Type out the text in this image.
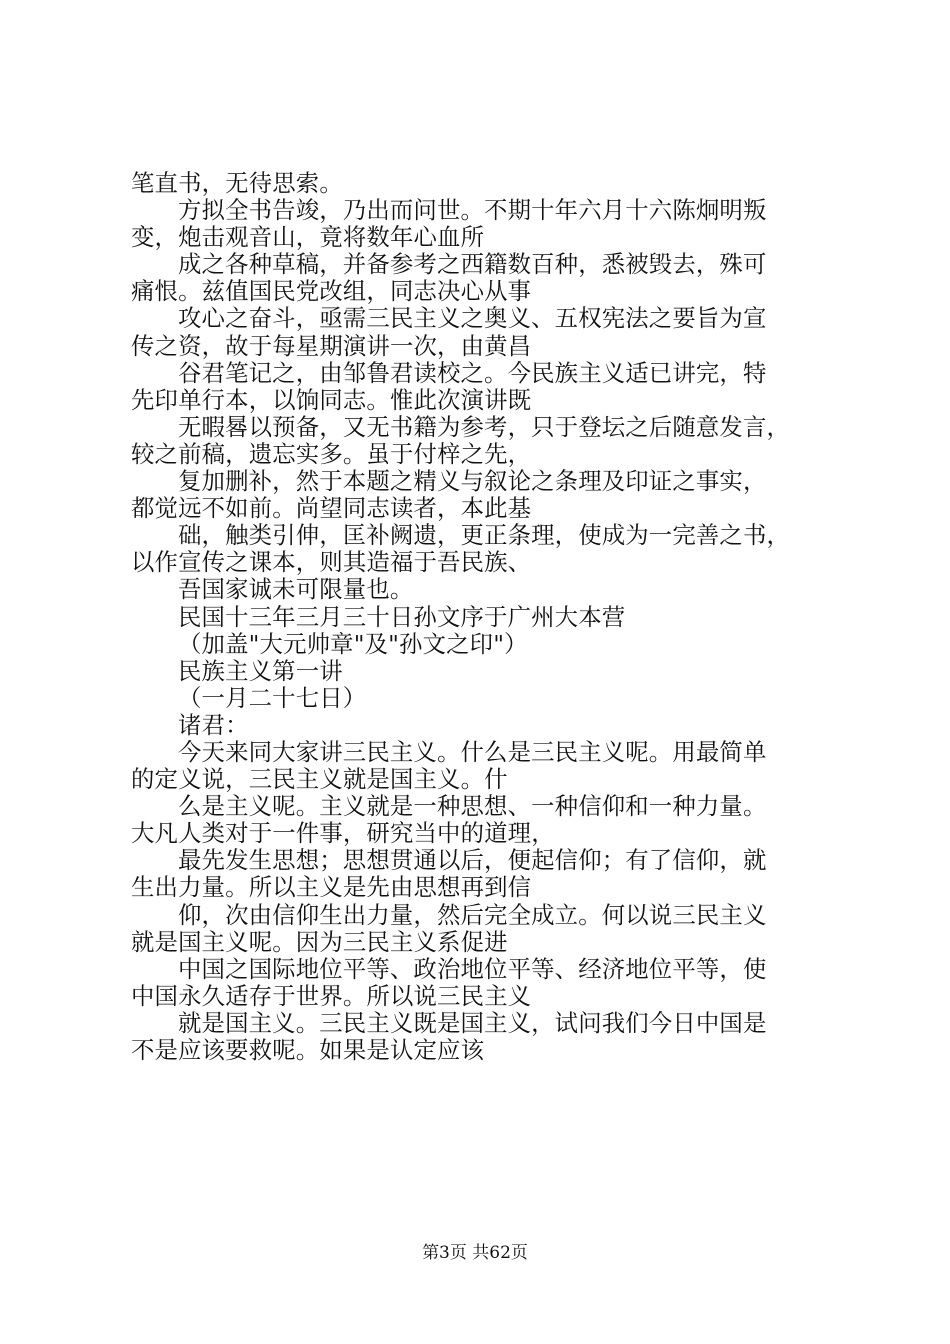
笔直书，无待思索。
方拟全书告竣，乃出而问世。不期十年六月十六陈炯明叛
变，炮击观音山，竟将数年心血所
成之各种草稿，并备参考之西籍数百种，悉被毁去，殊可
痛恨。兹值国民党改组，同志决心从事
攻心之奋斗，亟需三民主义之奥义、五权宪法之要旨为宣
传之资，故于每星期演讲一次，由黄昌
谷君笔记之，由邹鲁君读校之。今民族主义适已讲完，特
先印单行本，以饷同志。惟此次演讲既
无暇晷以预备，又无书籍为参考，只于登坛之后随意发言，
较之前稿，遗忘实多。虽于付梓之先，
复加删补，然于本题之精义与叙论之条理及印证之事实，
都觉远不如前。尚望同志读者，本此基
础，触类引伸，匡补阙遗，更正条理，使成为一完善之书，
以作宣传之课本，则其造福于吾民族、
吾国家诚未可限量也。
民国十三年三月三十日孙文序于广州大本营
（加盖"大元帅章"及"孙文之印"）
民族主义第一讲
（一月二十七日）
诸君：
今天来同大家讲三民主义。什么是三民主义呢。用最简单
的定义说，三民主义就是国主义。什
么是主义呢。主义就是一种思想、一种信仰和一种力量。
大凡人类对于一件事，研究当中的道理，
最先发生思想；思想贯通以后，便起信仰；有了信仰，就
生出力量。所以主义是先由思想再到信
仰，次由信仰生出力量，然后完全成立。何以说三民主义
就是国主义呢。因为三民主义系促进
中国之国际地位平等、政治地位平等、经济地位平等，使
中国永久适存于世界。所以说三民主义
就是国主义。三民主义既是国主义，试问我们今日中国是
不是应该要救呢。如果是认定应该
第3页 共62页
